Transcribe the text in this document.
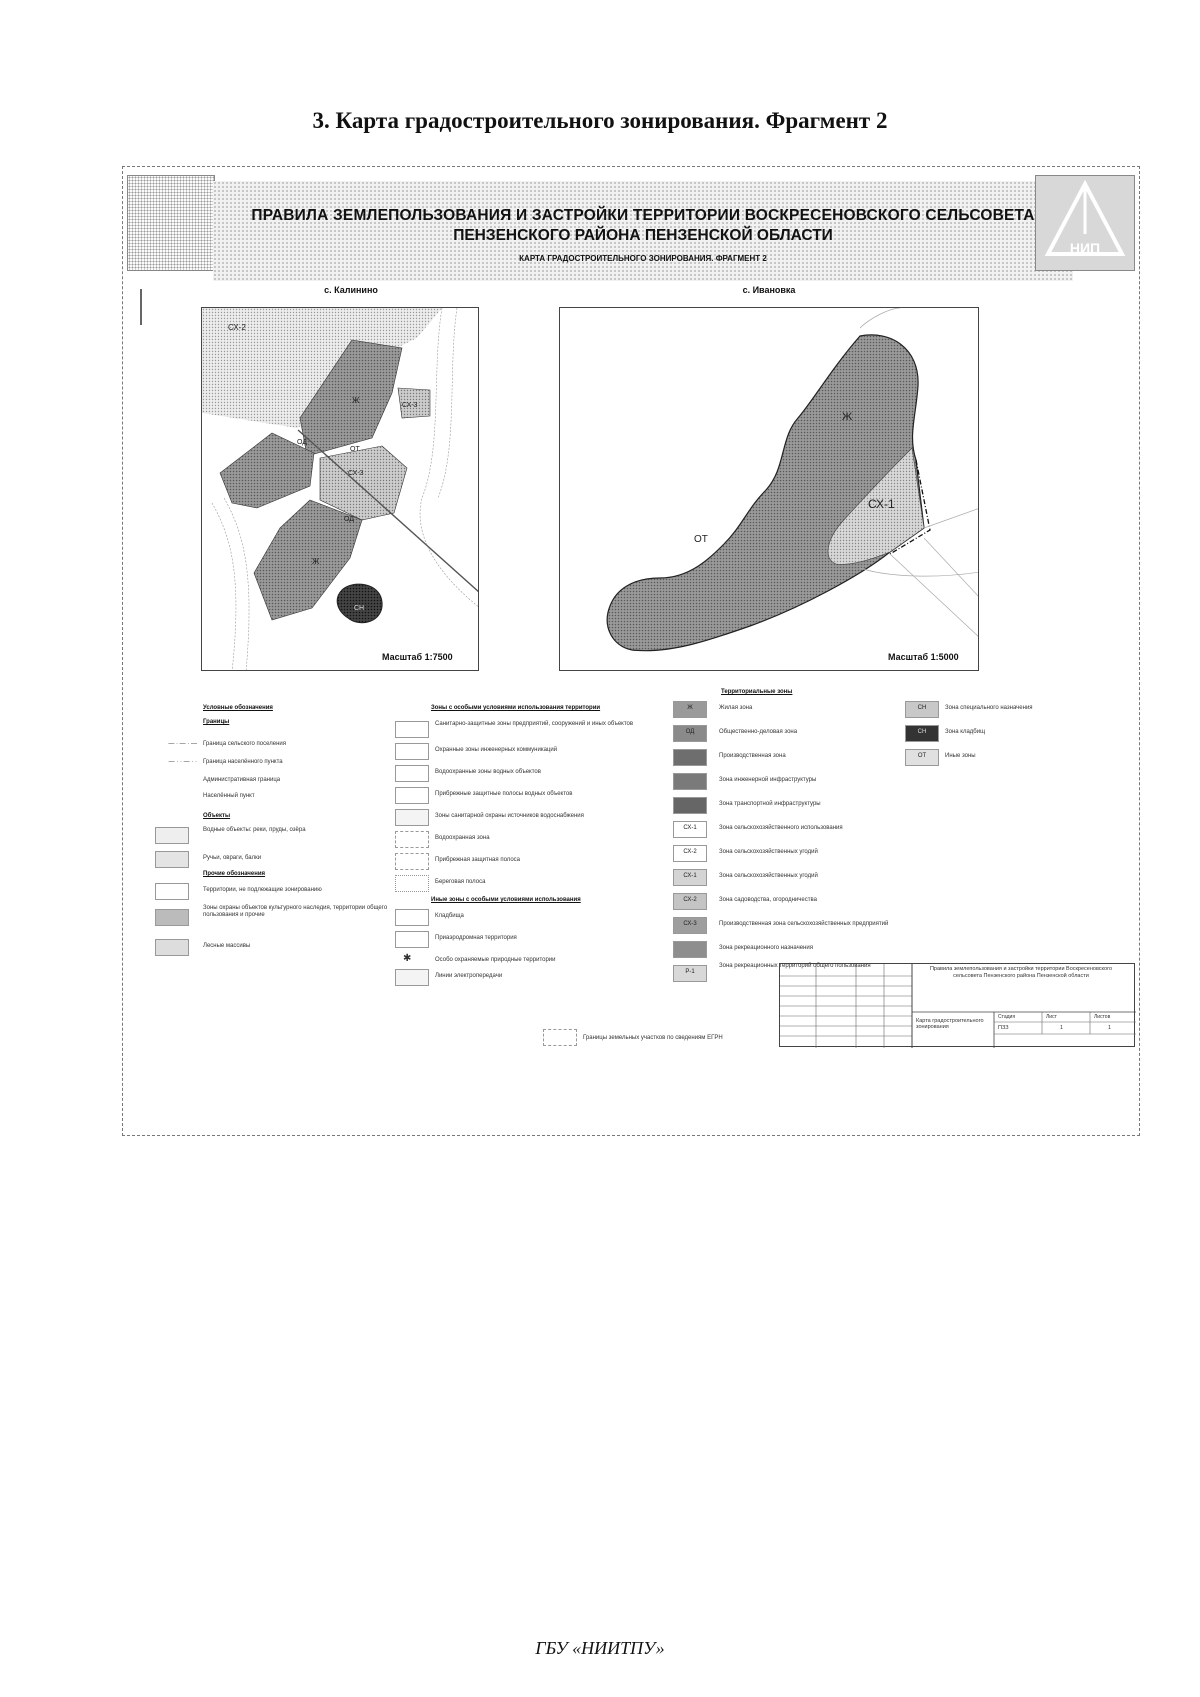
3. Карта градостроительного зонирования. Фрагмент 2
ПРАВИЛА ЗЕМЛЕПОЛЬЗОВАНИЯ И ЗАСТРОЙКИ ТЕРРИТОРИИ ВОСКРЕСЕНОВСКОГО СЕЛЬСОВЕТА
ПЕНЗЕНСКОГО РАЙОНА ПЕНЗЕНСКОЙ ОБЛАСТИ
КАРТА ГРАДОСТРОИТЕЛЬНОГО ЗОНИРОВАНИЯ. ФРАГМЕНТ 2
НИП
с. Калинино
СХ-2
Ж
СХ-3
ОД
ОТ
СХ-3
ОД
Ж
СН
Масштаб 1:7500
с. Ивановка
Ж
СХ-1
ОТ
Масштаб 1:5000
Условные обозначения
Границы
— · — · — Граница сельского поселения
— · · — · · Граница населённого пункта
Административная граница
Населённый пункт
Объекты
Водные объекты: реки, пруды, озёра
Ручьи, овраги, балки
Прочие обозначения
Территории, не подлежащие зонированию
Зоны охраны объектов культурного наследия, территории общего пользования и прочие
Лесные массивы
Зоны с особыми условиями использования территории
Санитарно-защитные зоны предприятий, сооружений и иных объектов
Охранные зоны инженерных коммуникаций
Водоохранные зоны водных объектов
Прибрежные защитные полосы водных объектов
Зоны санитарной охраны источников водоснабжения
Водоохранная зона
Прибрежная защитная полоса
Береговая полоса
Иные зоны с особыми условиями использования
Кладбища
Приаэродромная территория
✱	Особо охраняемые природные территории
Линии электропередачи
Территориальные зоны
Ж	Жилая зона
ОД	Общественно-деловая зона
Производственная зона
Зона инженерной инфраструктуры
Зона транспортной инфраструктуры
СХ-1	Зона сельскохозяйственного использования
СХ-2	Зона сельскохозяйственных угодий
СХ-1	Зона сельскохозяйственных угодий
СХ-2	Зона садоводства, огородничества
СХ-3	Производственная зона сельскохозяйственных предприятий
Зона рекреационного назначения
Р-1
Зона рекреационных территорий общего пользования
СН	Зона специального назначения
СН	Зона кладбищ
ОТ	Иные зоны
Границы земельных участков по сведениям ЕГРН
Правила землепользования и застройки территории Воскресеновского сельсовета Пензенского района Пензенской области
Карта градостроительного зонирования
Стадия	Лист	Листов
ПЗЗ	1	1
ГБУ «НИИТПУ»
